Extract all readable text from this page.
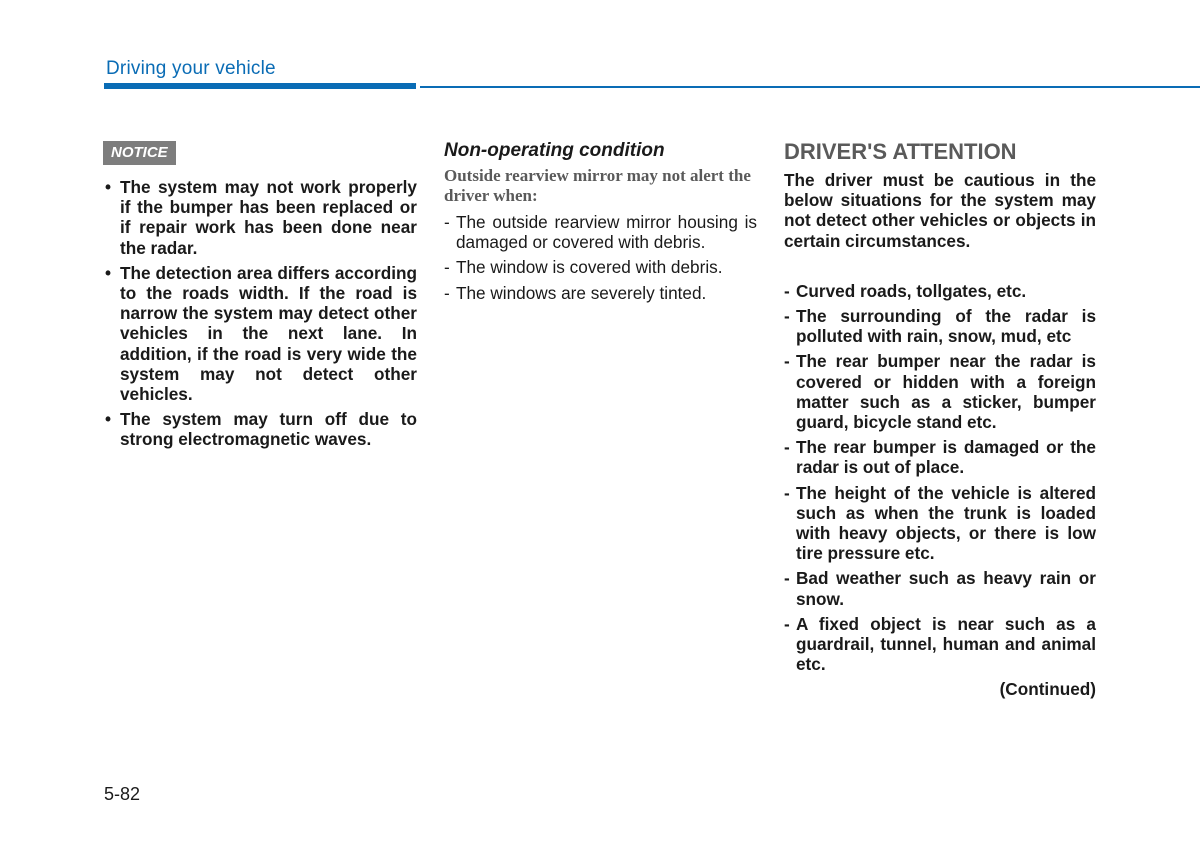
Driving your vehicle
NOTICE
• The system may not work properly if the bumper has been replaced or if repair work has been done near the radar.
• The detection area differs according to the roads width. If the road is narrow the system may detect other vehicles in the next lane. In addition, if the road is very wide the system may not detect other vehicles.
• The system may turn off due to strong electromagnetic waves.
Non-operating condition
Outside rearview mirror may not alert the driver when:
- The outside rearview mirror housing is damaged or covered with debris.
- The window is covered with debris.
- The windows are severely tinted.
DRIVER'S ATTENTION
The driver must be cautious in the below situations for the system may not detect other vehicles or objects in certain circumstances.
- Curved roads, tollgates, etc.
- The surrounding of the radar is polluted with rain, snow, mud, etc
- The rear bumper near the radar is covered or hidden with a foreign matter such as a sticker, bumper guard, bicycle stand etc.
- The rear bumper is damaged or the radar is out of place.
- The height of the vehicle is altered such as when the trunk is loaded with heavy objects, or there is low tire pressure etc.
- Bad weather such as heavy rain or snow.
- A fixed object is near such as a guardrail, tunnel, human and animal etc.
(Continued)
5-82
